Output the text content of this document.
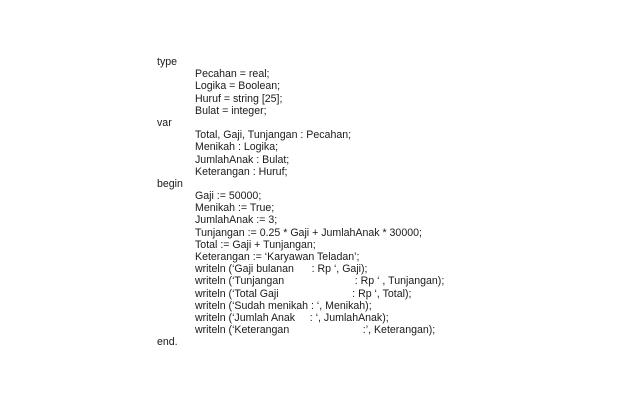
type
Pecahan = real;
Logika = Boolean;
Huruf = string [25];
Bulat = integer;
var
Total, Gaji, Tunjangan : Pecahan;
Menikah : Logika;
JumlahAnak : Bulat;
Keterangan : Huruf;
begin
Gaji := 50000;
Menikah := True;
JumlahAnak := 3;
Tunjangan := 0.25 * Gaji + JumlahAnak * 30000;
Total := Gaji + Tunjangan;
Keterangan := ‘Karyawan Teladan’;
writeln (‘Gaji bulanan      : Rp ‘, Gaji);
writeln (‘Tunjangan                        : Rp ‘ , Tunjangan);
writeln (‘Total Gaji                         : Rp ‘, Total);
writeln (‘Sudah menikah : ‘, Menikah);
writeln (‘Jumlah Anak     : ‘, JumlahAnak);
writeln (‘Keterangan                         :’, Keterangan);
end.
